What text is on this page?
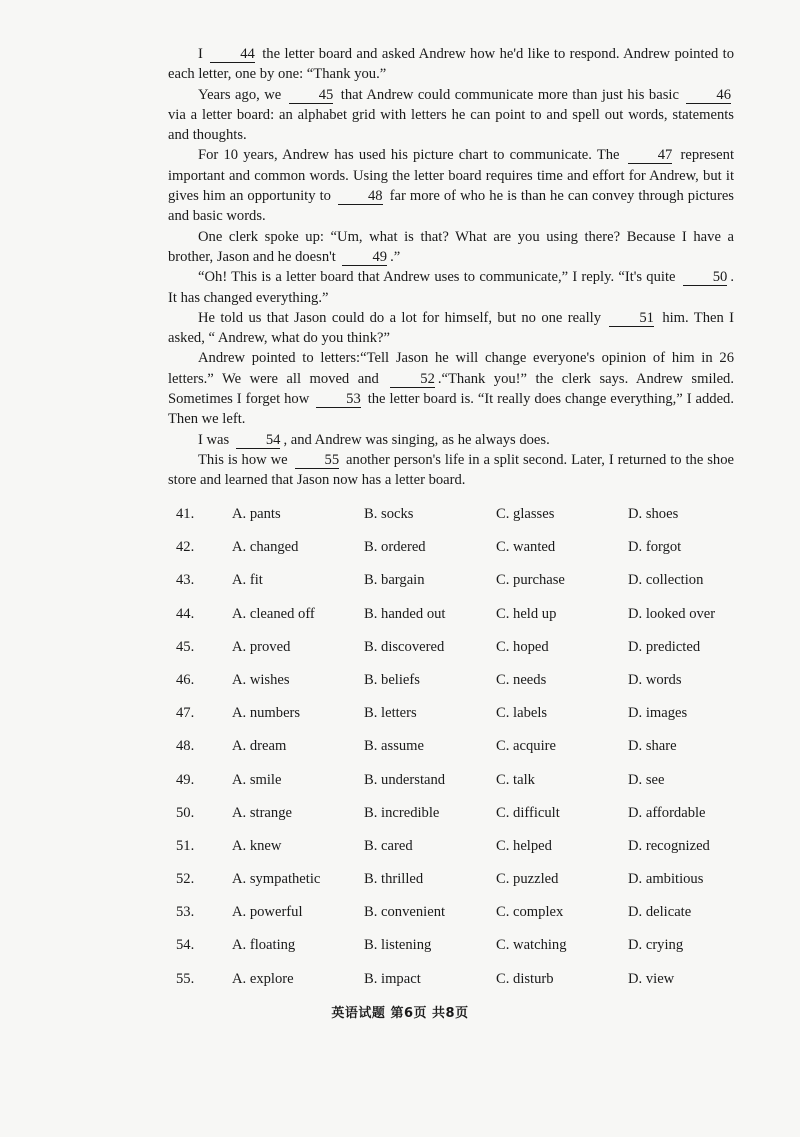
I 44 the letter board and asked Andrew how he'd like to respond. Andrew pointed to each letter, one by one: “Thank you.”

Years ago, we 45 that Andrew could communicate more than just his basic 46 via a letter board: an alphabet grid with letters he can point to and spell out words, statements and thoughts.

For 10 years, Andrew has used his picture chart to communicate. The 47 represent important and common words. Using the letter board requires time and effort for Andrew, but it gives him an opportunity to 48 far more of who he is than he can convey through pictures and basic words.

One clerk spoke up: “Um, what is that? What are you using there? Because I have a brother, Jason and he doesn't 49 .”

“Oh! This is a letter board that Andrew uses to communicate,” I reply. “It's quite 50 . It has changed everything.”

He told us that Jason could do a lot for himself, but no one really 51 him. Then I asked, “ Andrew, what do you think?”

Andrew pointed to letters:“Tell Jason he will change everyone's opinion of him in 26 letters.” We were all moved and 52 .“Thank you!” the clerk says. Andrew smiled. Sometimes I forget how 53 the letter board is. “It really does change everything,” I added. Then we left.

I was 54 , and Andrew was singing, as he always does.

This is how we 55 another person's life in a split second. Later, I returned to the shoe store and learned that Jason now has a letter board.

41.	A. pants	B. socks	C. glasses	D. shoes
42.	A. changed	B. ordered	C. wanted	D. forgot
43.	A. fit	B. bargain	C. purchase	D. collection
44.	A. cleaned off	B. handed out	C. held up	D. looked over
45.	A. proved	B. discovered	C. hoped	D. predicted
46.	A. wishes	B. beliefs	C. needs	D. words
47.	A. numbers	B. letters	C. labels	D. images
48.	A. dream	B. assume	C. acquire	D. share
49.	A. smile	B. understand	C. talk	D. see
50.	A. strange	B. incredible	C. difficult	D. affordable
51.	A. knew	B. cared	C. helped	D. recognized
52.	A. sympathetic	B. thrilled	C. puzzled	D. ambitious
53.	A. powerful	B. convenient	C. complex	D. delicate
54.	A. floating	B. listening	C. watching	D. crying
55.	A. explore	B. impact	C. disturb	D. view
英语试题 第6页 共8页
